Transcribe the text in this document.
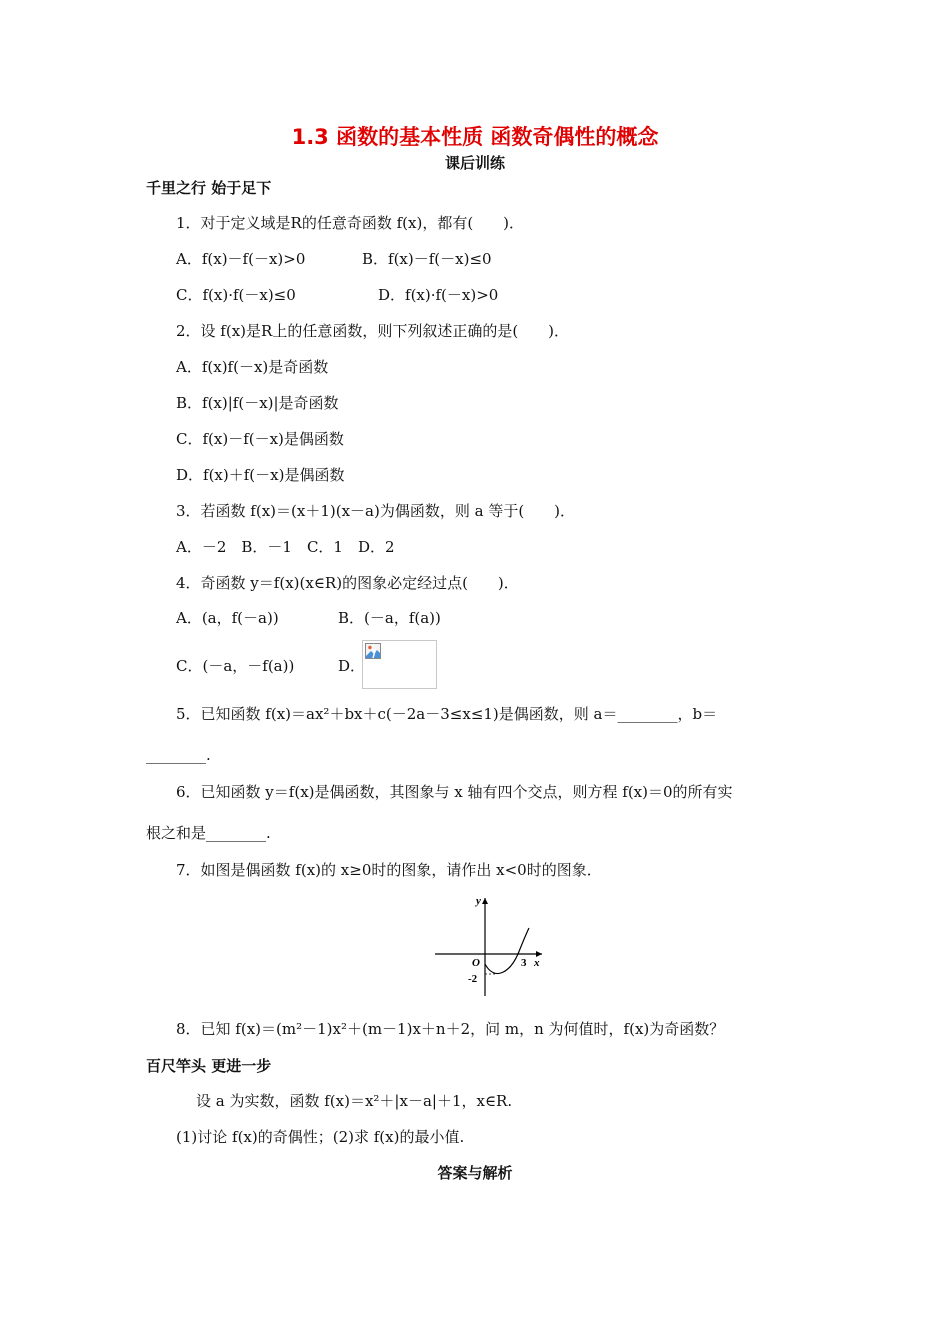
1.3 函数的基本性质 函数奇偶性的概念
课后训练
千里之行 始于足下
1．对于定义域是R的任意奇函数 f(x)，都有(　　)．
A．f(x)－f(－x)>0	B．f(x)－f(－x)≤0
C．f(x)·f(－x)≤0	D．f(x)·f(－x)>0
2．设 f(x)是R上的任意函数，则下列叙述正确的是(　　)．
A．f(x)f(－x)是奇函数
B．f(x)|f(－x)|是奇函数
C．f(x)－f(－x)是偶函数
D．f(x)＋f(－x)是偶函数
3．若函数 f(x)＝(x＋1)(x－a)为偶函数，则 a 等于(　　)．
A．－2　B．－1　C．1　D．2
4．奇函数 y＝f(x)(x∈R)的图象必定经过点(　　)．
A．(a，f(－a))	B．(－a，f(a))
C．(－a，－f(a))	D．
5．已知函数 f(x)＝ax²＋bx＋c(－2a－3≤x≤1)是偶函数，则 a＝________，b＝
________.
6．已知函数 y＝f(x)是偶函数，其图象与 x 轴有四个交点，则方程 f(x)＝0的所有实
根之和是________.
7．如图是偶函数 f(x)的 x≥0时的图象，请作出 x<0时的图象．
y
x
O	3
-2
8．已知 f(x)＝(m²－1)x²＋(m－1)x＋n＋2，问 m，n 为何值时，f(x)为奇函数？
百尺竿头 更进一步
设 a 为实数，函数 f(x)＝x²＋|x－a|＋1，x∈R.
(1)讨论 f(x)的奇偶性；(2)求 f(x)的最小值.
答案与解析
